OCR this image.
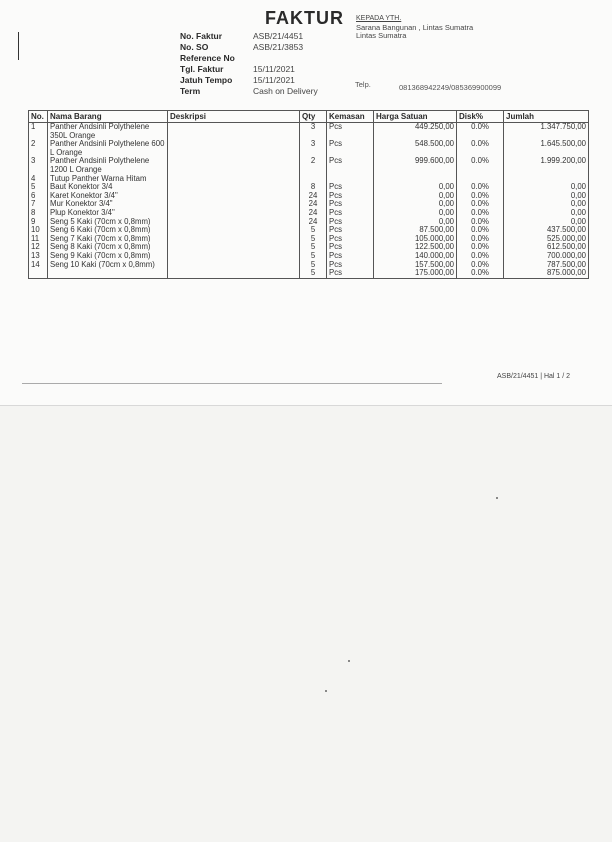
FAKTUR
No. Faktur	ASB/21/4451
No. SO	ASB/21/3853
Reference No	
Tgl. Faktur	15/11/2021
Jatuh Tempo	15/11/2021
Term	Cash on Delivery
KEPADA YTH.
Sarana Bangunan , Lintas Sumatra
Lintas Sumatra
Telp.	081368942249/085369900099
No.	Nama Barang	Deskripsi	Qty	Kemasan	Harga Satuan	Disk%	Jumlah
1	Panther Andsinli Polythelene 350L Orange		3	Pcs	449.250,00	0.0%	1.347.750,00
2	Panther Andsinli Polythelene 600 L Orange		3	Pcs	548.500,00	0.0%	1.645.500,00
3	Panther Andsinli Polythelene 1200 L Orange		2	Pcs	999.600,00	0.0%	1.999.200,00
4	Tutup Panther Warna Hitam						
5	Baut Konektor 3/4		8	Pcs	0,00	0.0%	0,00
6	Karet Konektor 3/4"		24	Pcs	0,00	0.0%	0,00
7	Mur Konektor 3/4"		24	Pcs	0,00	0.0%	0,00
8	Plup Konektor 3/4"		24	Pcs	0,00	0.0%	0,00
9	Seng 5 Kaki (70cm x 0,8mm)		24	Pcs	0,00	0.0%	0,00
10	Seng 6 Kaki (70cm x 0,8mm)		5	Pcs	87.500,00	0.0%	437.500,00
11	Seng 7 Kaki (70cm x 0,8mm)		5	Pcs	105.000,00	0.0%	525.000,00
12	Seng 8 Kaki (70cm x 0,8mm)		5	Pcs	122.500,00	0.0%	612.500,00
13	Seng 9 Kaki (70cm x 0,8mm)		5	Pcs	140.000,00	0.0%	700.000,00
14	Seng 10 Kaki (70cm x 0,8mm)		5	Pcs	157.500,00	0.0%	787.500,00
			5	Pcs	175.000,00	0.0%	875.000,00
ASB/21/4451 | Hal 1 / 2
